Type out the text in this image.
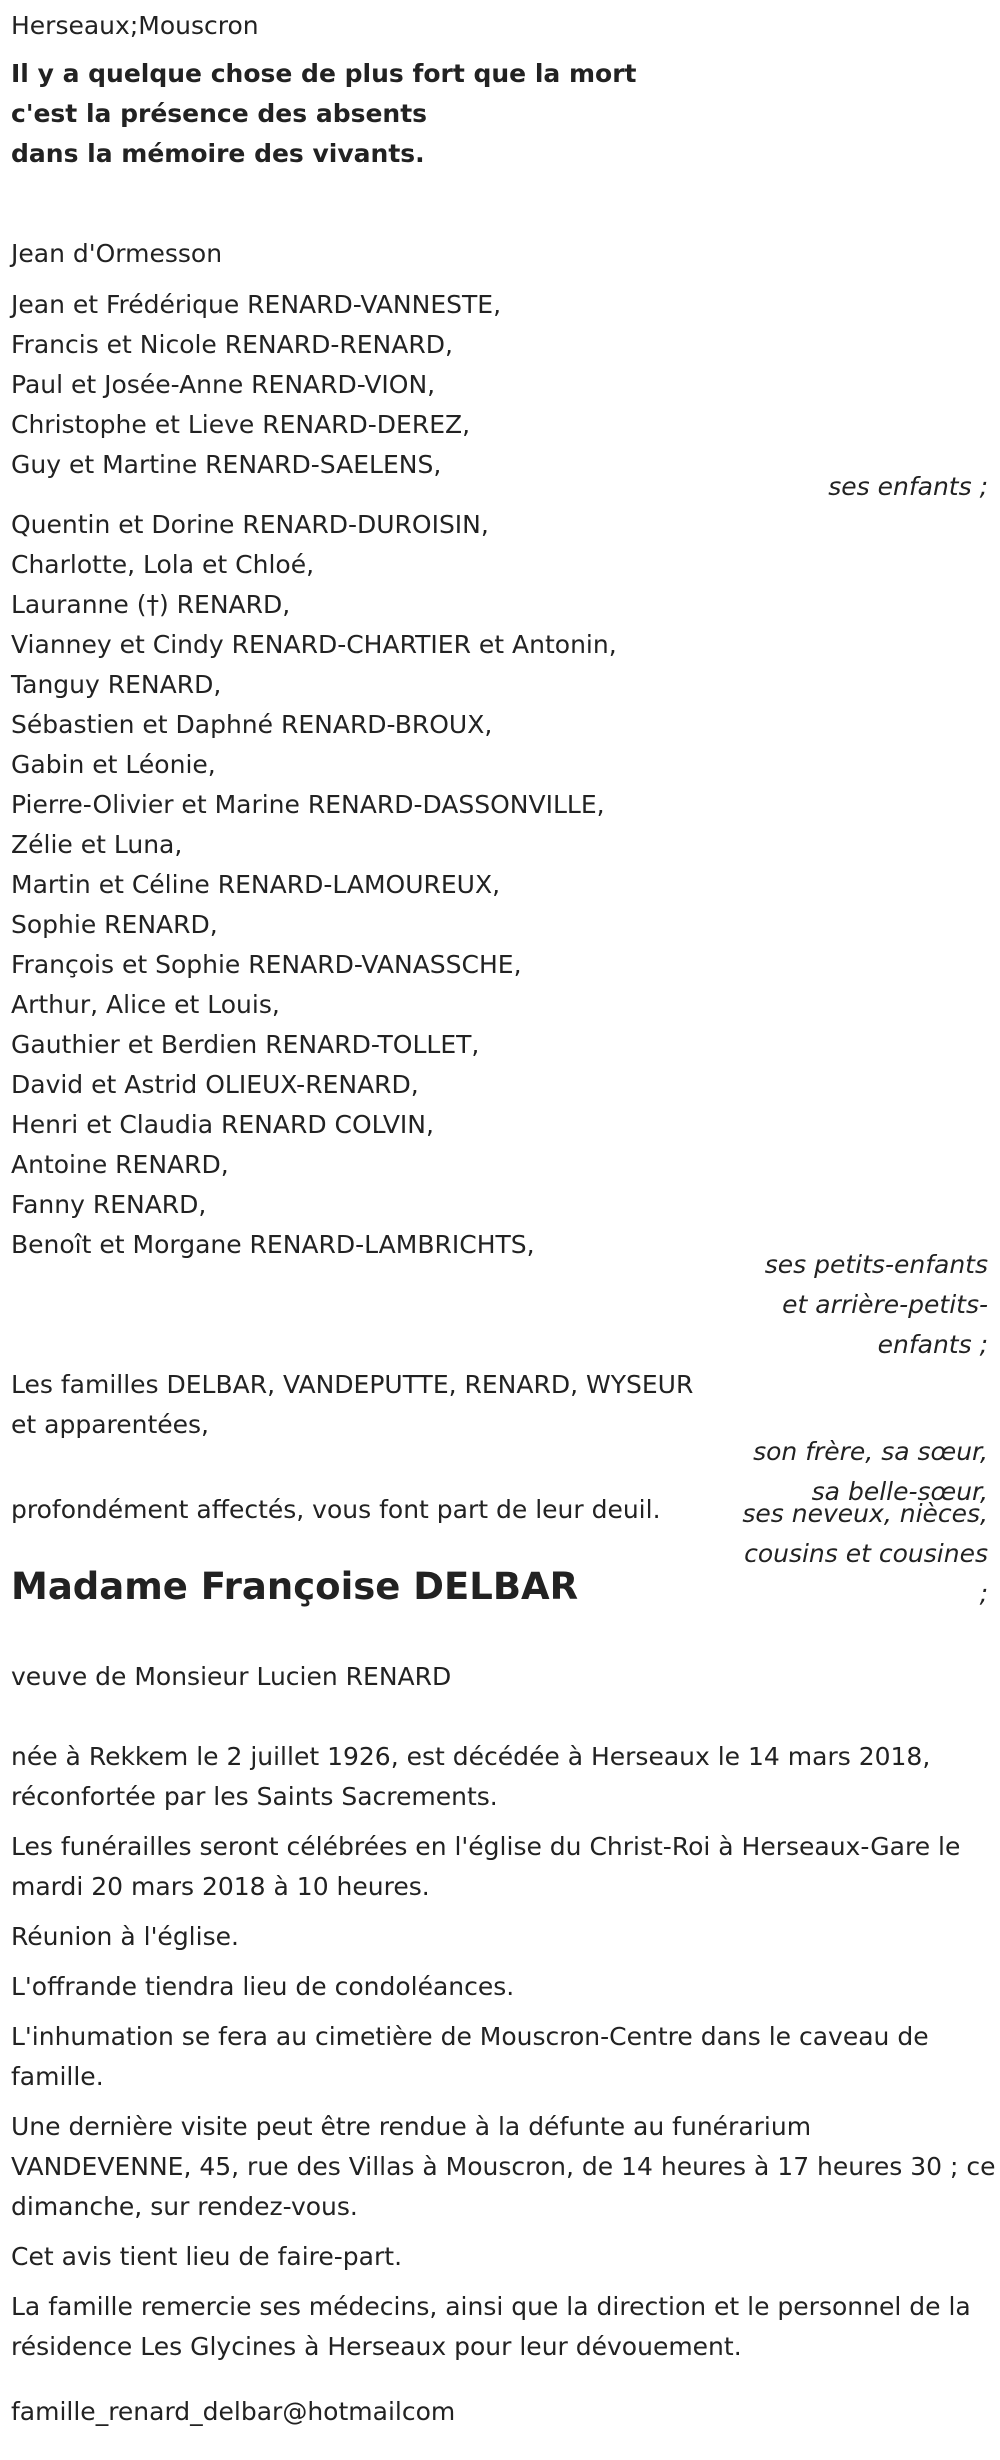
Herseaux;Mouscron
Il y a quelque chose de plus fort que la mort
c'est la présence des absents
dans la mémoire des vivants.
Jean d'Ormesson
Jean et Frédérique RENARD-VANNESTE,
Francis et Nicole RENARD-RENARD,
Paul et Josée-Anne RENARD-VION,
Christophe et Lieve RENARD-DEREZ,
Guy et Martine RENARD-SAELENS,
ses enfants ;
Quentin et Dorine RENARD-DUROISIN,
Charlotte, Lola et Chloé,
Lauranne (†) RENARD,
Vianney et Cindy RENARD-CHARTIER et Antonin,
Tanguy RENARD,
Sébastien et Daphné RENARD-BROUX,
Gabin et Léonie,
Pierre-Olivier et Marine RENARD-DASSONVILLE,
Zélie et Luna,
Martin et Céline RENARD-LAMOUREUX,
Sophie RENARD,
François et Sophie RENARD-VANASSCHE,
Arthur, Alice et Louis,
Gauthier et Berdien RENARD-TOLLET,
David et Astrid OLIEUX-RENARD,
Henri et Claudia RENARD COLVIN,
Antoine RENARD,
Fanny RENARD,
Benoît et Morgane RENARD-LAMBRICHTS,
ses petits-enfants
et arrière-petits-
enfants ;
Les familles DELBAR, VANDEPUTTE, RENARD, WYSEUR
et apparentées,
son frère, sa sœur,
sa belle-sœur,
ses neveux, nièces,
cousins et cousines
;
profondément affectés, vous font part de leur deuil.
Madame Françoise DELBAR
veuve de Monsieur Lucien RENARD
née à Rekkem le 2 juillet 1926, est décédée à Herseaux le 14 mars 2018, réconfortée par les Saints Sacrements.
Les funérailles seront célébrées en l'église du Christ-Roi à Herseaux-Gare le mardi 20 mars 2018 à 10 heures.
Réunion à l'église.
L'offrande tiendra lieu de condoléances.
L'inhumation se fera au cimetière de Mouscron-Centre dans le caveau de famille.
Une dernière visite peut être rendue à la défunte au funérarium VANDEVENNE, 45, rue des Villas à Mouscron, de 14 heures à 17 heures 30 ; ce dimanche, sur rendez-vous.
Cet avis tient lieu de faire-part.
La famille remercie ses médecins, ainsi que la direction et le personnel de la résidence Les Glycines à Herseaux pour leur dévouement.
famille_renard_delbar@hotmailcom
